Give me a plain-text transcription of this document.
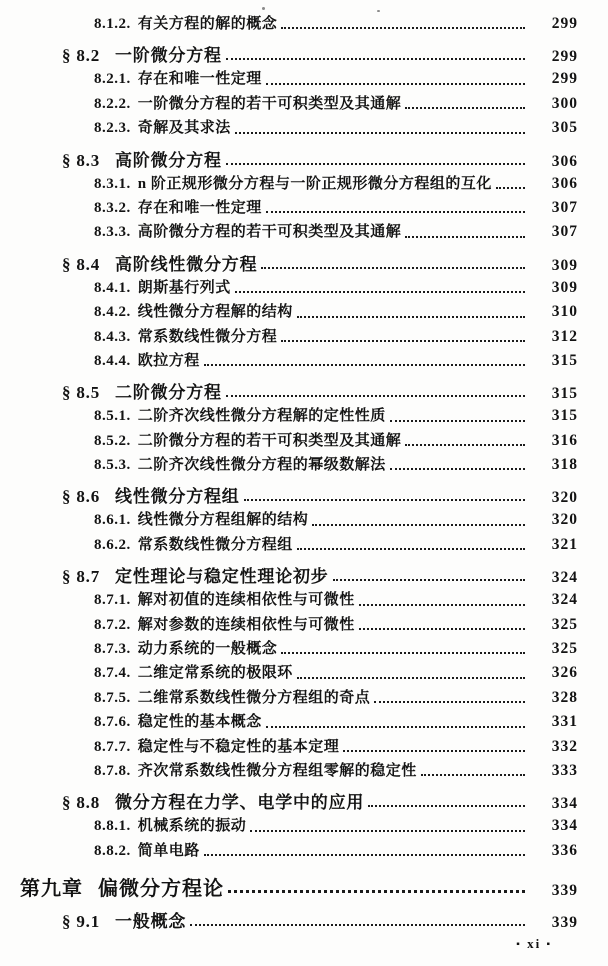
8.1.2. 有关方程的解的概念	299
§ 8.2 一阶微分方程	299
8.2.1. 存在和唯一性定理	299
8.2.2. 一阶微分方程的若干可积类型及其通解	300
8.2.3. 奇解及其求法	305
§ 8.3 高阶微分方程	306
8.3.1. n 阶正规形微分方程与一阶正规形微分方程组的互化	306
8.3.2. 存在和唯一性定理	307
8.3.3. 高阶微分方程的若干可积类型及其通解	307
§ 8.4 高阶线性微分方程	309
8.4.1. 朗斯基行列式	309
8.4.2. 线性微分方程解的结构	310
8.4.3. 常系数线性微分方程	312
8.4.4. 欧拉方程	315
§ 8.5 二阶微分方程	315
8.5.1. 二阶齐次线性微分方程解的定性性质	315
8.5.2. 二阶微分方程的若干可积类型及其通解	316
8.5.3. 二阶齐次线性微分方程的幂级数解法	318
§ 8.6 线性微分方程组	320
8.6.1. 线性微分方程组解的结构	320
8.6.2. 常系数线性微分方程组	321
§ 8.7 定性理论与稳定性理论初步	324
8.7.1. 解对初值的连续相依性与可微性	324
8.7.2. 解对参数的连续相依性与可微性	325
8.7.3. 动力系统的一般概念	325
8.7.4. 二维定常系统的极限环	326
8.7.5. 二维常系数线性微分方程组的奇点	328
8.7.6. 稳定性的基本概念	331
8.7.7. 稳定性与不稳定性的基本定理	332
8.7.8. 齐次常系数线性微分方程组零解的稳定性	333
§ 8.8 微分方程在力学、电学中的应用	334
8.8.1. 机械系统的振动	334
8.8.2. 简单电路	336
第九章 偏微分方程论	339
§ 9.1 一般概念	339
▪ xi ▪
